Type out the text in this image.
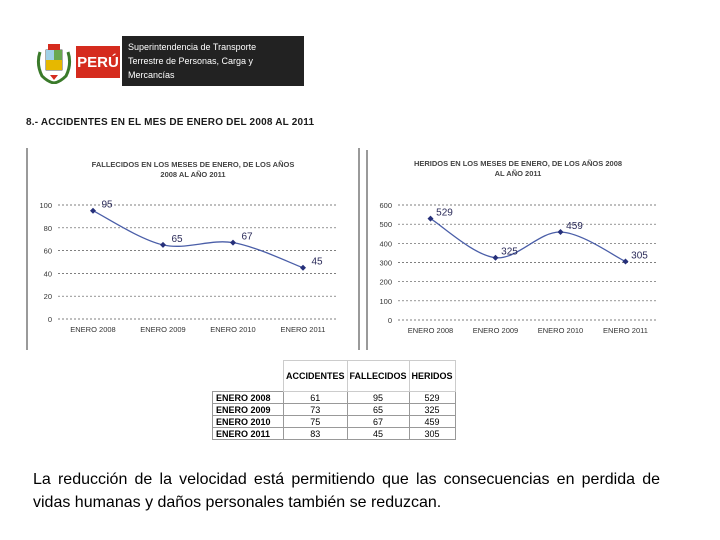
PERÚ
Superintendencia de Transporte
Terrestre de Personas, Carga y
Mercancías
8.- ACCIDENTES EN EL MES DE ENERO DEL 2008 AL 2011
FALLECIDOS EN LOS MESES DE ENERO, DE LOS AÑOS
2008 AL AÑO 2011
100
80
60
40
20
0
ENERO 2008	ENERO 2009	ENERO 2010	ENERO 2011
95
65	67
45
HERIDOS EN LOS MESES DE ENERO, DE LOS AÑOS 2008
AL AÑO 2011
600
500
400
300
200
100
0
ENERO 2008	ENERO 2009	ENERO 2010	ENERO 2011
529
325
459
305
	ACCIDENTES	FALLECIDOS	HERIDOS
ENERO 2008	61	95	529
ENERO 2009	73	65	325
ENERO 2010	75	67	459
ENERO 2011	83	45	305
La reducción de la velocidad está permitiendo que las consecuencias en perdida de vidas humanas y daños personales también se reduzcan.
